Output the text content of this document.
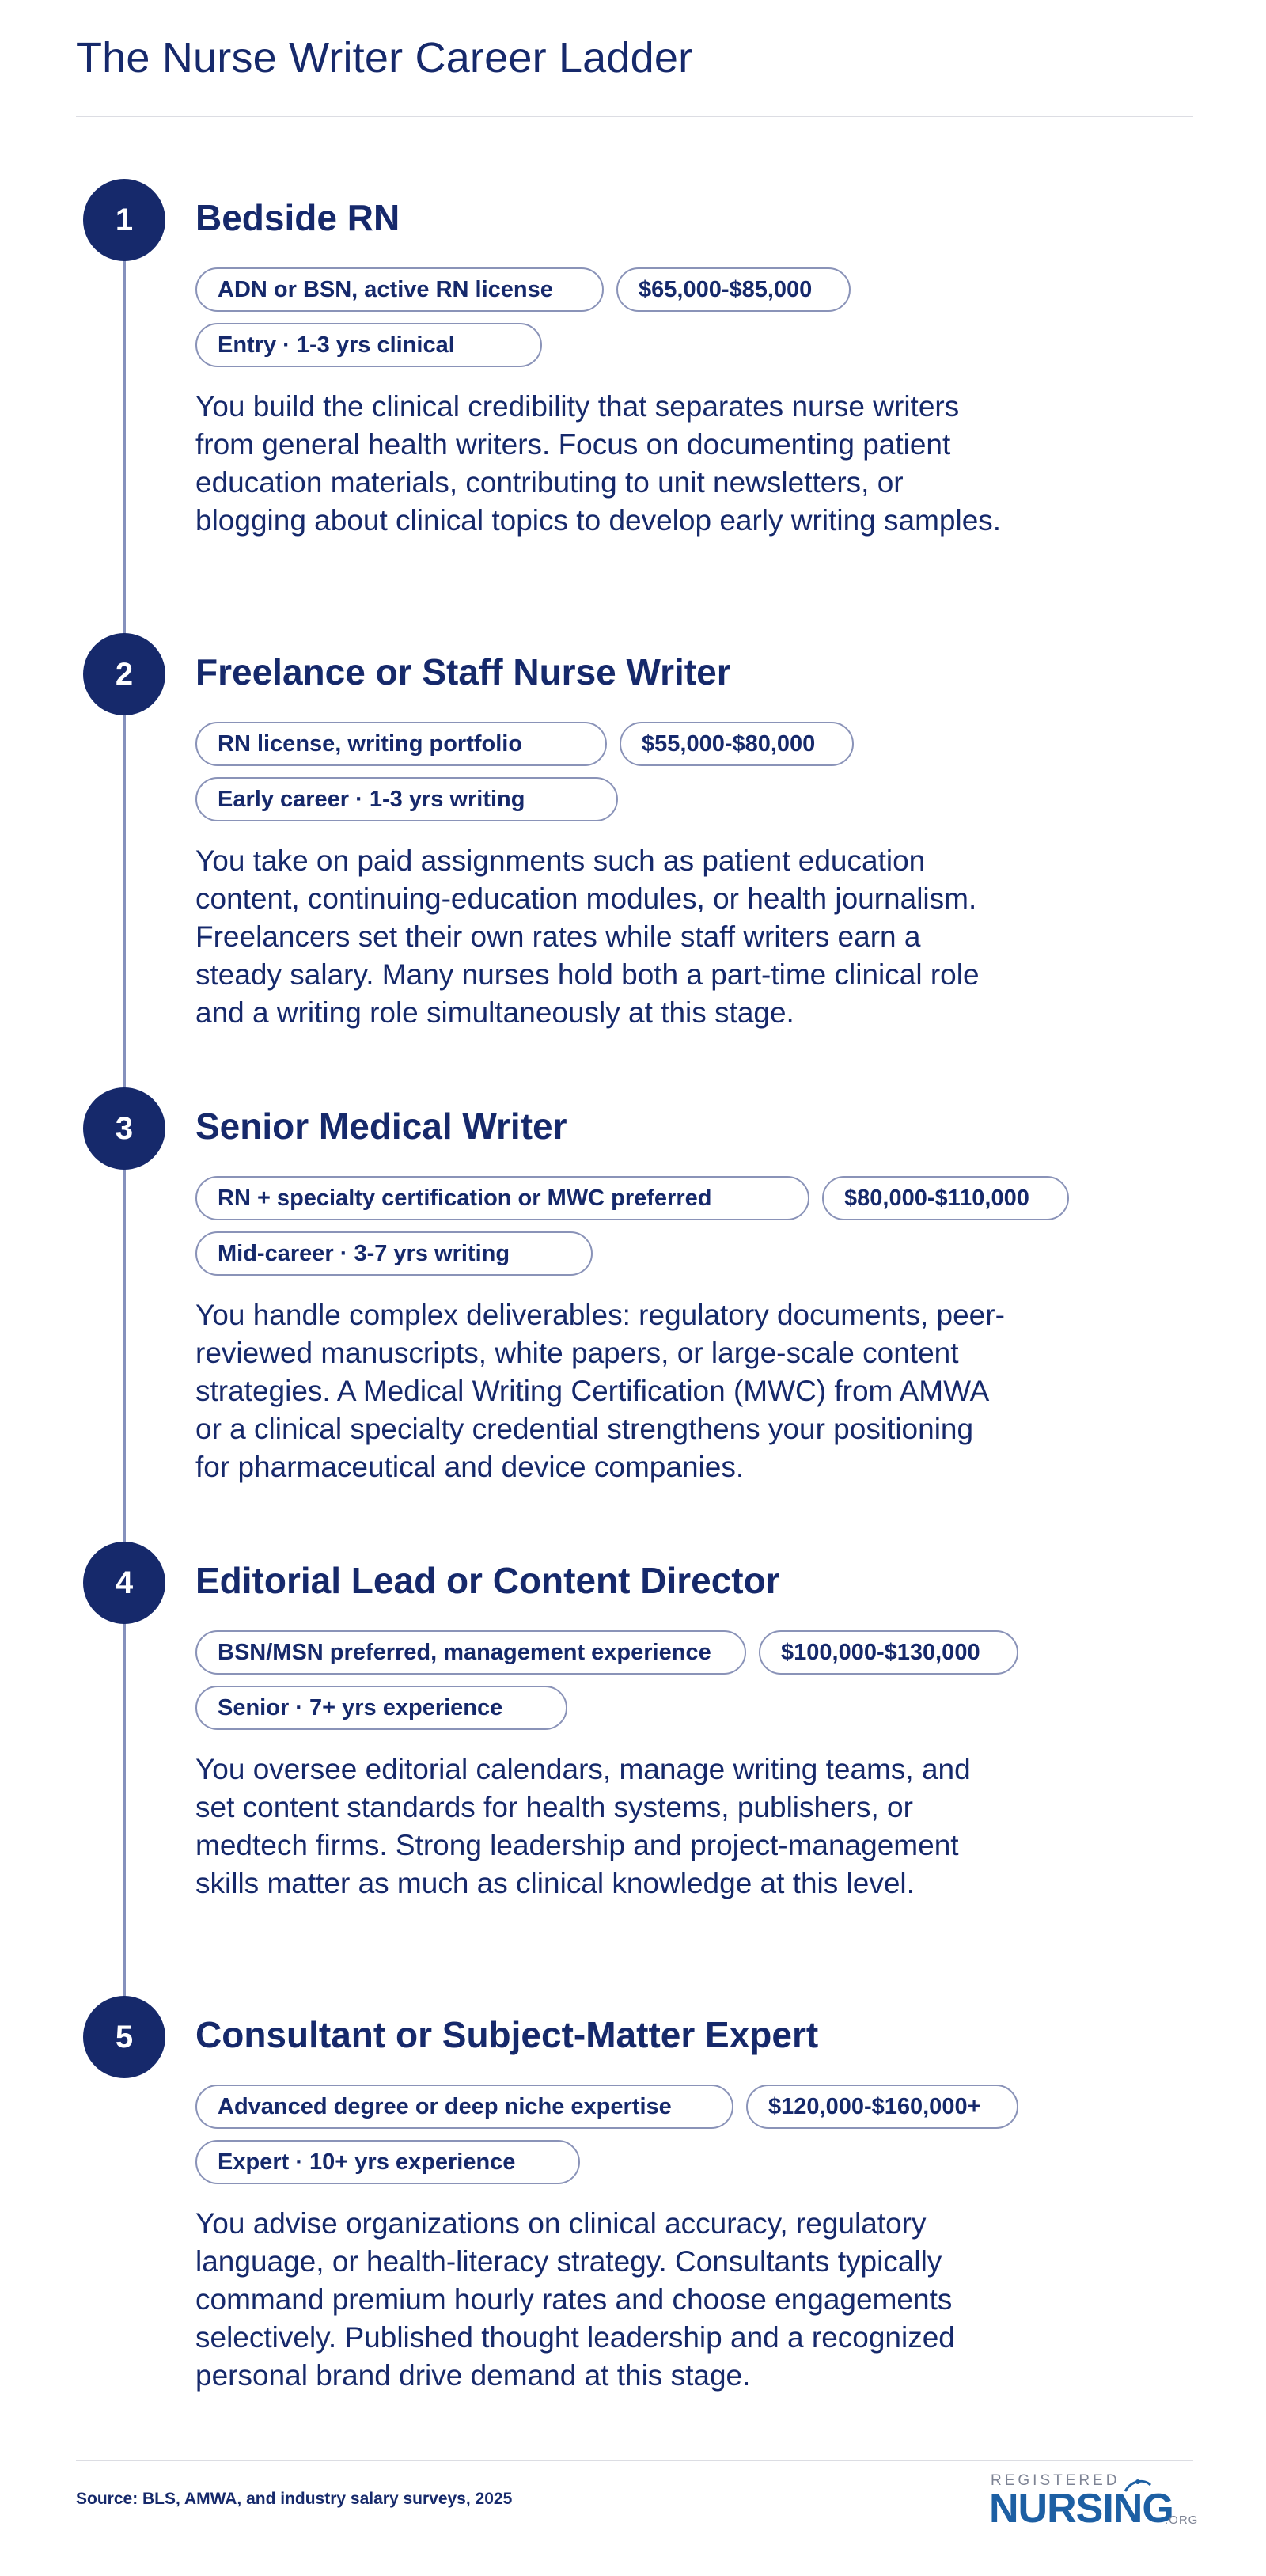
The Nurse Writer Career Ladder
1	Bedside RN
ADN or BSN, active RN license	$65,000-$85,000
Entry · 1-3 yrs clinical

You build the clinical credibility that separates nurse writers from general health writers. Focus on documenting patient education materials, contributing to unit newsletters, or blogging about clinical topics to develop early writing samples.

2	Freelance or Staff Nurse Writer
RN license, writing portfolio	$55,000-$80,000
Early career · 1-3 yrs writing

You take on paid assignments such as patient education content, continuing-education modules, or health journalism. Freelancers set their own rates while staff writers earn a steady salary. Many nurses hold both a part-time clinical role and a writing role simultaneously at this stage.

3	Senior Medical Writer
RN + specialty certification or MWC preferred	$80,000-$110,000
Mid-career · 3-7 yrs writing

You handle complex deliverables: regulatory documents, peer-reviewed manuscripts, white papers, or large-scale content strategies. A Medical Writing Certification (MWC) from AMWA or a clinical specialty credential strengthens your positioning for pharmaceutical and device companies.

4	Editorial Lead or Content Director
BSN/MSN preferred, management experience	$100,000-$130,000
Senior · 7+ yrs experience

You oversee editorial calendars, manage writing teams, and set content standards for health systems, publishers, or medtech firms. Strong leadership and project-management skills matter as much as clinical knowledge at this level.

5	Consultant or Subject-Matter Expert
Advanced degree or deep niche expertise	$120,000-$160,000+
Expert · 10+ yrs experience

You advise organizations on clinical accuracy, regulatory language, or health-literacy strategy. Consultants typically command premium hourly rates and choose engagements selectively. Published thought leadership and a recognized personal brand drive demand at this stage.

Source: BLS, AMWA, and industry salary surveys, 2025
REGISTERED
NURSING
.ORG
